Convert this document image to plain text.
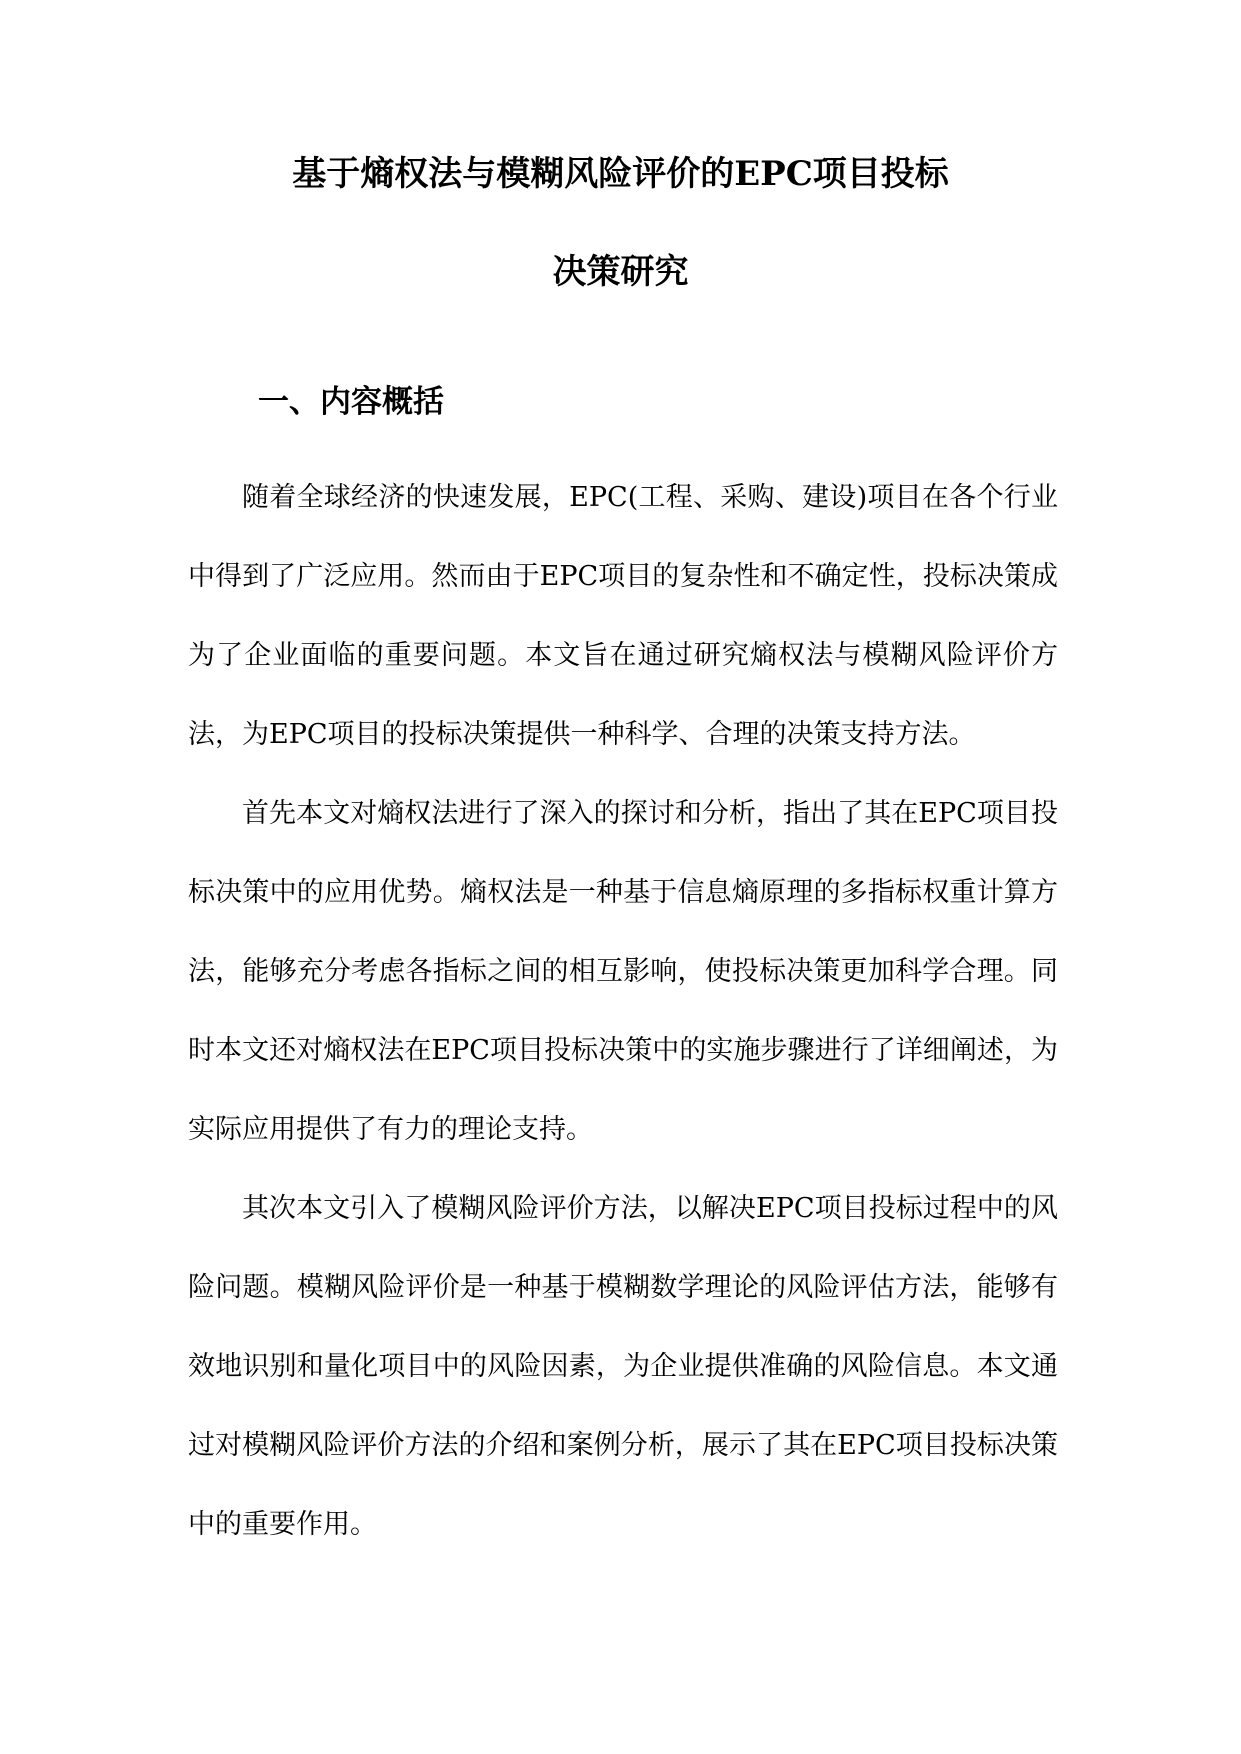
基于熵权法与模糊风险评价的EPC项目投标
决策研究
一、内容概括

随着全球经济的快速发展，EPC(工程、采购、建设)项目在各个行业中得到了广泛应用。然而由于EPC项目的复杂性和不确定性，投标决策成为了企业面临的重要问题。本文旨在通过研究熵权法与模糊风险评价方法，为EPC项目的投标决策提供一种科学、合理的决策支持方法。

首先本文对熵权法进行了深入的探讨和分析，指出了其在EPC项目投标决策中的应用优势。熵权法是一种基于信息熵原理的多指标权重计算方法，能够充分考虑各指标之间的相互影响，使投标决策更加科学合理。同时本文还对熵权法在EPC项目投标决策中的实施步骤进行了详细阐述，为实际应用提供了有力的理论支持。

其次本文引入了模糊风险评价方法，以解决EPC项目投标过程中的风险问题。模糊风险评价是一种基于模糊数学理论的风险评估方法，能够有效地识别和量化项目中的风险因素，为企业提供准确的风险信息。本文通过对模糊风险评价方法的介绍和案例分析，展示了其在EPC项目投标决策中的重要作用。
